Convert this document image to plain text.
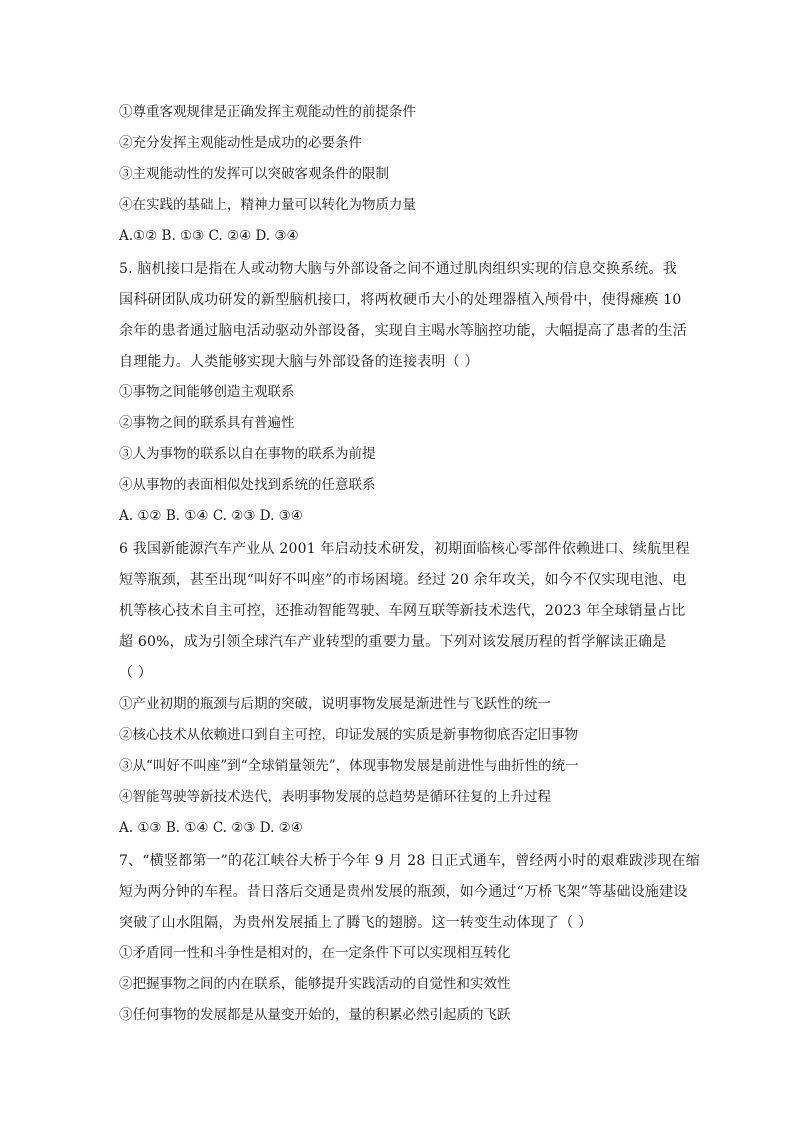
①尊重客观规律是正确发挥主观能动性的前提条件
②充分发挥主观能动性是成功的必要条件
③主观能动性的发挥可以突破客观条件的限制
④在实践的基础上，精神力量可以转化为物质力量
A.①② B. ①③ C. ②④ D. ③④
5. 脑机接口是指在人或动物大脑与外部设备之间不通过肌肉组织实现的信息交换系统。我
国科研团队成功研发的新型脑机接口，将两枚硬币大小的处理器植入颅骨中，使得瘫痪 10
余年的患者通过脑电活动驱动外部设备，实现自主喝水等脑控功能，大幅提高了患者的生活
自理能力。人类能够实现大脑与外部设备的连接表明（ ）
①事物之间能够创造主观联系
②事物之间的联系具有普遍性
③人为事物的联系以自在事物的联系为前提
④从事物的表面相似处找到系统的任意联系
A. ①② B. ①④ C. ②③ D. ③④
6 我国新能源汽车产业从 2001 年启动技术研发，初期面临核心零部件依赖进口、续航里程
短等瓶颈，甚至出现“叫好不叫座”的市场困境。经过 20 余年攻关，如今不仅实现电池、电
机等核心技术自主可控，还推动智能驾驶、车网互联等新技术迭代，2023 年全球销量占比
超 60%，成为引领全球汽车产业转型的重要力量。下列对该发展历程的哲学解读正确是
（ ）
①产业初期的瓶颈与后期的突破，说明事物发展是渐进性与飞跃性的统一
②核心技术从依赖进口到自主可控，印证发展的实质是新事物彻底否定旧事物
③从“叫好不叫座”到“全球销量领先”，体现事物发展是前进性与曲折性的统一
④智能驾驶等新技术迭代，表明事物发展的总趋势是循环往复的上升过程
A. ①③ B. ①④ C. ②③ D. ②④
7、“横竖都第一”的花江峡谷大桥于今年 9 月 28 日正式通车，曾经两小时的艰难跋涉现在缩
短为两分钟的车程。昔日落后交通是贵州发展的瓶颈，如今通过“万桥飞架”等基础设施建设
突破了山水阻隔，为贵州发展插上了腾飞的翅膀。这一转变生动体现了（ ）
①矛盾同一性和斗争性是相对的，在一定条件下可以实现相互转化
②把握事物之间的内在联系，能够提升实践活动的自觉性和实效性
③任何事物的发展都是从量变开始的，量的积累必然引起质的飞跃
